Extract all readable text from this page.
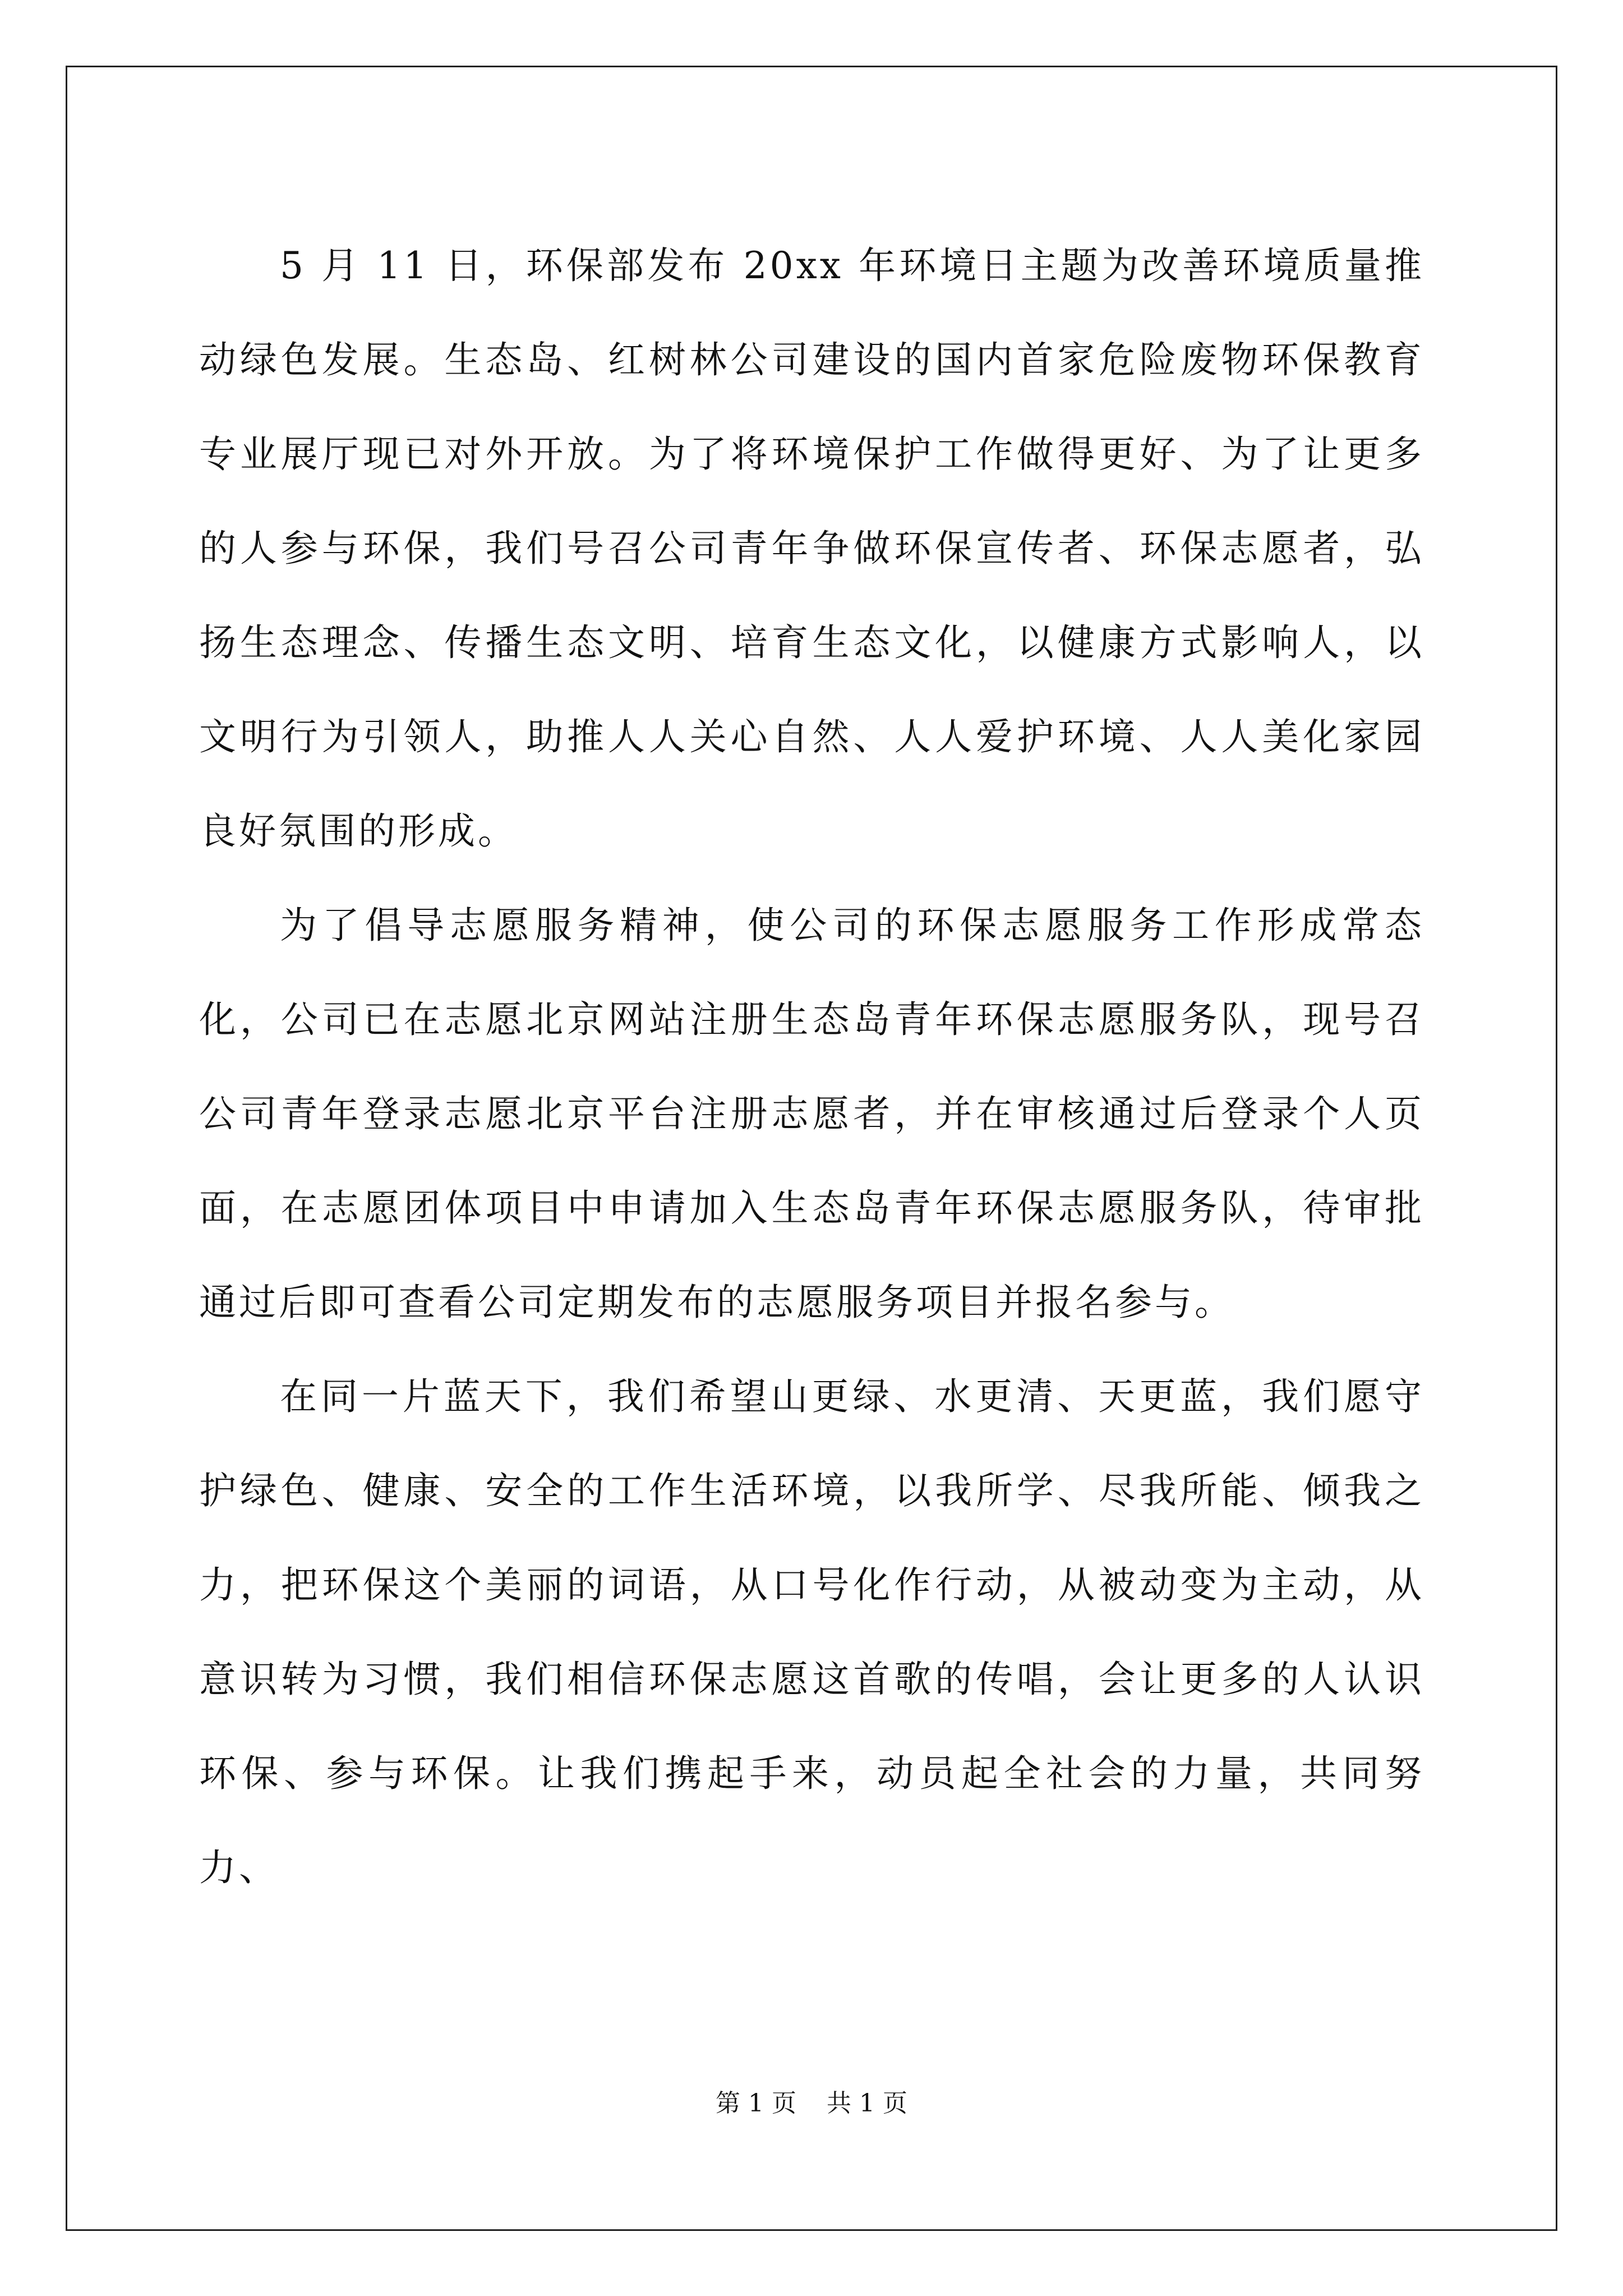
5 月 11 日，环保部发布 20xx 年环境日主题为改善环境质量推动绿色发展。生态岛、红树林公司建设的国内首家危险废物环保教育专业展厅现已对外开放。为了将环境保护工作做得更好、为了让更多的人参与环保，我们号召公司青年争做环保宣传者、环保志愿者，弘扬生态理念、传播生态文明、培育生态文化，以健康方式影响人，以文明行为引领人，助推人人关心自然、人人爱护环境、人人美化家园良好氛围的形成。

为了倡导志愿服务精神，使公司的环保志愿服务工作形成常态化，公司已在志愿北京网站注册生态岛青年环保志愿服务队，现号召公司青年登录志愿北京平台注册志愿者，并在审核通过后登录个人页面，在志愿团体项目中申请加入生态岛青年环保志愿服务队，待审批通过后即可查看公司定期发布的志愿服务项目并报名参与。

在同一片蓝天下，我们希望山更绿、水更清、天更蓝，我们愿守护绿色、健康、安全的工作生活环境，以我所学、尽我所能、倾我之力，把环保这个美丽的词语，从口号化作行动，从被动变为主动，从意识转为习惯，我们相信环保志愿这首歌的传唱，会让更多的人认识环保、参与环保。让我们携起手来，动员起全社会的力量，共同努力、

第 1 页 共 1 页
